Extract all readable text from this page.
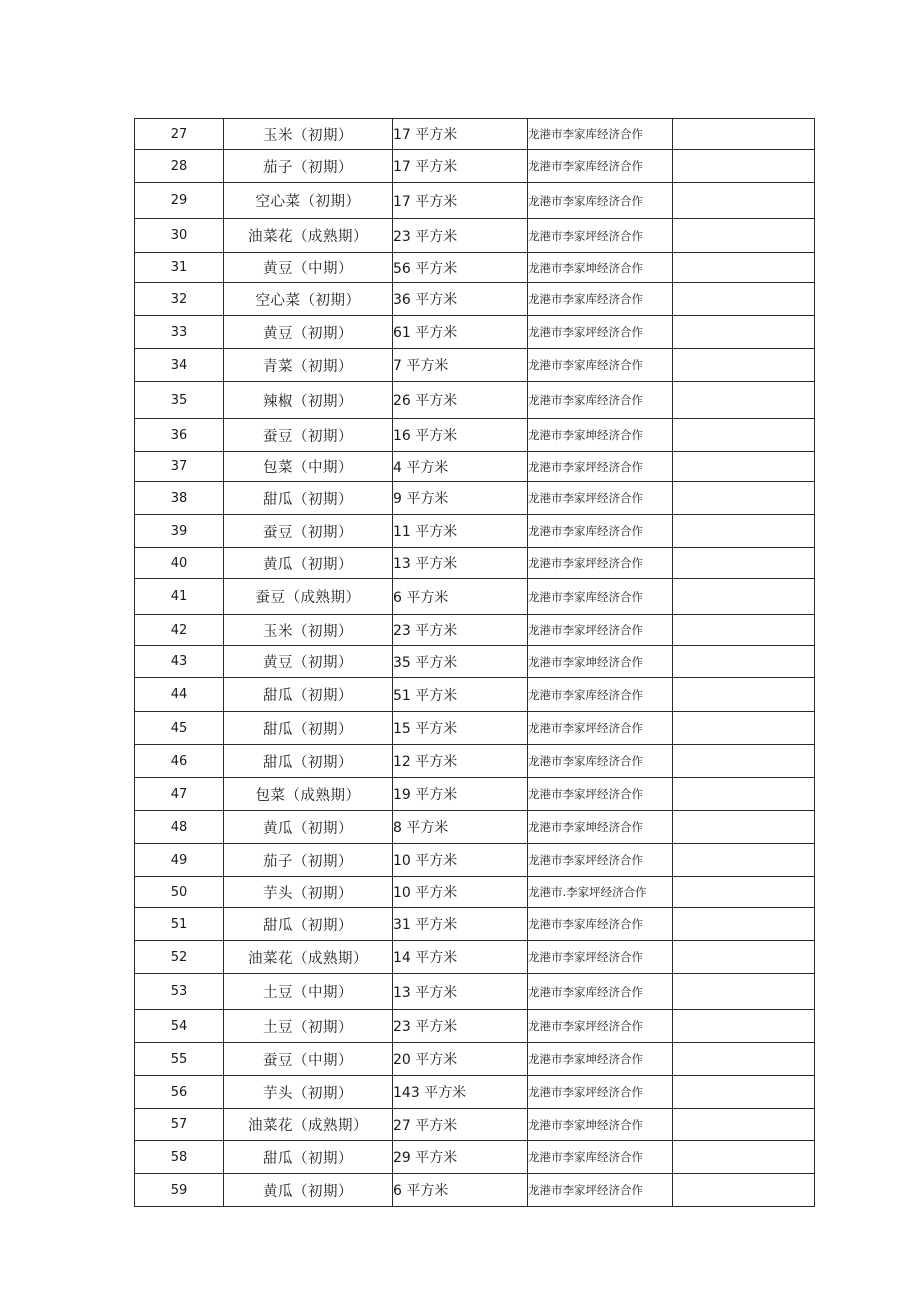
27	玉米（初期）	17 平方米	龙港市李家库经济合作	
28	茄子（初期）	17 平方米	龙港市李家库经济合作	
29	空心菜（初期）	17 平方米	龙港市李家库经济合作	
30	油菜花（成熟期）	23 平方米	龙港市李家坪经济合作	
31	黄豆（中期）	56 平方米	龙港市李家坤经济合作	
32	空心菜（初期）	36 平方米	龙港市李家库经济合作	
33	黄豆（初期）	61 平方米	龙港市李家坪经济合作	
34	青菜（初期）	7 平方米	龙港市李家库经济合作	
35	辣椒（初期）	26 平方米	龙港市李家库经济合作	
36	蚕豆（初期）	16 平方米	龙港市李家坤经济合作	
37	包菜（中期）	4 平方米	龙港市李家坪经济合作	
38	甜瓜（初期）	9 平方米	龙港市李家坪经济合作	
39	蚕豆（初期）	11 平方米	龙港市李家库经济合作	
40	黄瓜（初期）	13 平方米	龙港市李家坪经济合作	
41	蚕豆（成熟期）	6 平方米	龙港市李家库经济合作	
42	玉米（初期）	23 平方米	龙港市李家坪经济合作	
43	黄豆（初期）	35 平方米	龙港市李家坤经济合作	
44	甜瓜（初期）	51 平方米	龙港市李家库经济合作	
45	甜瓜（初期）	15 平方米	龙港市李家坪经济合作	
46	甜瓜（初期）	12 平方米	龙港市李家库经济合作	
47	包菜（成熟期）	19 平方米	龙港市李家坪经济合作	
48	黄瓜（初期）	8 平方米	龙港市李家坤经济合作	
49	茄子（初期）	10 平方米	龙港市李家坪经济合作	
50	芋头（初期）	10 平方米	龙港市.李家坪经济合作	
51	甜瓜（初期）	31 平方米	龙港市李家库经济合作	
52	油菜花（成熟期）	14 平方米	龙港市李家坪经济合作	
53	土豆（中期）	13 平方米	龙港市李家库经济合作	
54	土豆（初期）	23 平方米	龙港市李家坪经济合作	
55	蚕豆（中期）	20 平方米	龙港市李家坤经济合作	
56	芋头（初期）	143 平方米	龙港市李家坪经济合作	
57	油菜花（成熟期）	27 平方米	龙港市李家坤经济合作	
58	甜瓜（初期）	29 平方米	龙港市李家库经济合作	
59	黄瓜（初期）	6 平方米	龙港市李家坪经济合作	
